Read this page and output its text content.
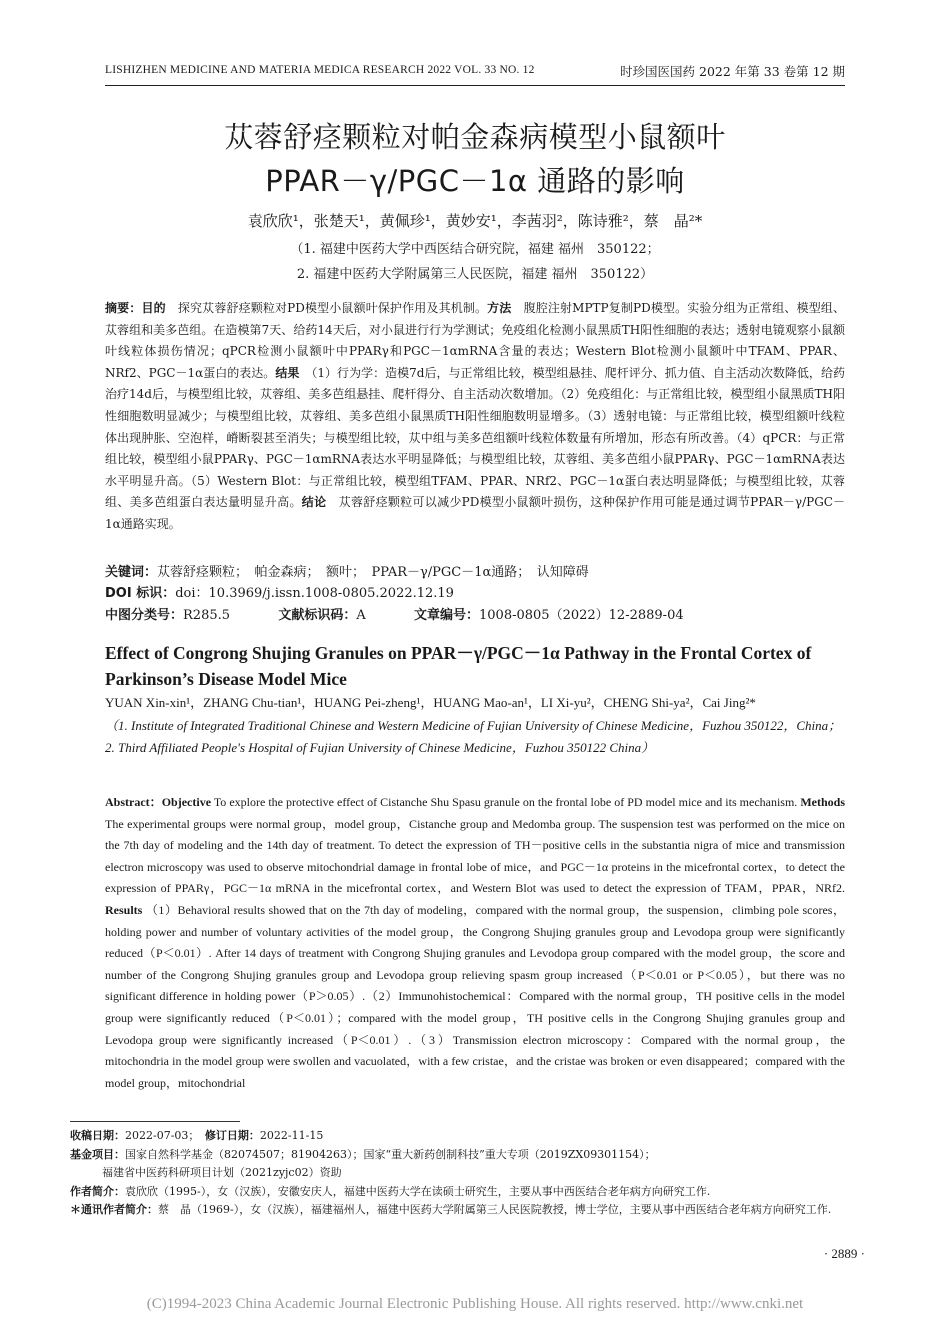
LISHIZHEN MEDICINE AND MATERIA MEDICA RESEARCH 2022 VOL. 33 NO. 12	时珍国医国药 2022 年第 33 卷第 12 期
苁蓉舒痉颗粒对帕金森病模型小鼠额叶
PPAR－γ/PGC－1α 通路的影响
袁欣欣¹，张楚天¹，黄佩珍¹，黄妙安¹，李茜羽²，陈诗雅²，蔡　晶²*
（1. 福建中医药大学中西医结合研究院，福建 福州　350122；
2. 福建中医药大学附属第三人民医院，福建 福州　350122）
摘要：目的　 探究苁蓉舒痉颗粒对PD模型小鼠额叶保护作用及其机制。方法　 腹腔注射MPTP复制PD模型。实验分组为正常组、模型组、苁蓉组和美多芭组。在造模第7天、给药14天后，对小鼠进行行为学测试；免疫组化检测小鼠黑质TH阳性细胞的表达；透射电镜观察小鼠额叶线粒体损伤情况；qPCR检测小鼠额叶中PPARγ和PGC－1αmRNA含量的表达；Western Blot检测小鼠额叶中TFAM、PPAR、NRf2、PGC－1α蛋白的表达。结果　 （1）行为学：造模7d后，与正常组比较，模型组悬挂、爬杆评分、抓力值、自主活动次数降低，给药治疗14d后，与模型组比较，苁蓉组、美多芭组悬挂、爬杆得分、自主活动次数增加。（2）免疫组化：与正常组比较，模型组小鼠黑质TH阳性细胞数明显减少；与模型组比较，苁蓉组、美多芭组小鼠黑质TH阳性细胞数明显增多。（3）透射电镜：与正常组比较，模型组额叶线粒体出现肿胀、空泡样，嵴断裂甚至消失；与模型组比较，苁中组与美多芭组额叶线粒体数量有所增加，形态有所改善。（4）qPCR：与正常组比较，模型组小鼠PPARγ、PGC－1αmRNA表达水平明显降低；与模型组比较，苁蓉组、美多芭组小鼠PPARγ、PGC－1αmRNA表达水平明显升高。（5）Western Blot：与正常组比较，模型组TFAM、PPAR、NRf2、PGC－1α蛋白表达明显降低；与模型组比较，苁蓉组、美多芭组蛋白表达量明显升高。结论　 苁蓉舒痉颗粒可以减少PD模型小鼠额叶损伤，这种保护作用可能是通过调节PPAR－γ/PGC－1α通路实现。
关键词：苁蓉舒痉颗粒；　帕金森病；　额叶；　PPAR－γ/PGC－1α通路；　认知障碍
DOI 标识：doi：10.3969/j.issn.1008-0805.2022.12.19
中图分类号：R285.5	文献标识码：A	文章编号：1008-0805（2022）12-2889-04
Effect of Congrong Shujing Granules on PPAR－γ/PGC－1α Pathway in the Frontal Cortex of Parkinson’s Disease Model Mice
YUAN Xin-xin¹，ZHANG Chu-tian¹，HUANG Pei-zheng¹，HUANG Mao-an¹，LI Xi-yu²，CHENG Shi-ya²，Cai Jing²*
（1. Institute of Integrated Traditional Chinese and Western Medicine of Fujian University of Chinese Medicine，Fuzhou 350122，China；2. Third Affiliated People's Hospital of Fujian University of Chinese Medicine，Fuzhou 350122 China）
Abstract：Objective To explore the protective effect of Cistanche Shu Spasu granule on the frontal lobe of PD model mice and its mechanism. Methods The experimental groups were normal group，model group，Cistanche group and Medomba group. The suspension test was performed on the mice on the 7th day of modeling and the 14th day of treatment. To detect the expression of TH－positive cells in the substantia nigra of mice and transmission electron microscopy was used to observe mitochondrial damage in frontal lobe of mice，and PGC－1α proteins in the micefrontal cortex，to detect the expression of PPARγ，PGC－1α mRNA in the micefrontal cortex，and Western Blot was used to detect the expression of TFAM，PPAR，NRf2. Results （1）Behavioral results showed that on the 7th day of modeling，compared with the normal group，the suspension，climbing pole scores，holding power and number of voluntary activities of the model group，the Congrong Shujing granules group and Levodopa group were significantly reduced（P＜0.01）. After 14 days of treatment with Congrong Shujing granules and Levodopa group compared with the model group，the score and number of the Congrong Shujing granules group and Levodopa group relieving spasm group increased（P＜0.01 or P＜0.05），but there was no significant difference in holding power（P＞0.05）.（2）Immunohistochemical：Compared with the normal group，TH positive cells in the model group were significantly reduced（P＜0.01）；compared with the model group，TH positive cells in the Congrong Shujing granules group and Levodopa group were significantly increased（P＜0.01）.（3）Transmission electron microscopy：Compared with the normal group，the mitochondria in the model group were swollen and vacuolated，with a few cristae，and the cristae was broken or even disappeared；compared with the model group，mitochondrial
收稿日期：2022-07-03；　 修订日期：2022-11-15
基金项目：国家自然科学基金（82074507；81904263）；国家“重大新药创制科技”重大专项（2019ZX09301154）；
福建省中医药科研项目计划（2021zyjc02）资助
作者简介：袁欣欣（1995-），女（汉族），安徽安庆人，福建中医药大学在读硕士研究生，主要从事中西医结合老年病方向研究工作.
＊通讯作者简介：蔡　晶（1969-），女（汉族），福建福州人，福建中医药大学附属第三人民医院教授，博士学位，主要从事中西医结合老年病方向研究工作.
· 2889 ·
(C)1994-2023 China Academic Journal Electronic Publishing House. All rights reserved. http://www.cnki.net
